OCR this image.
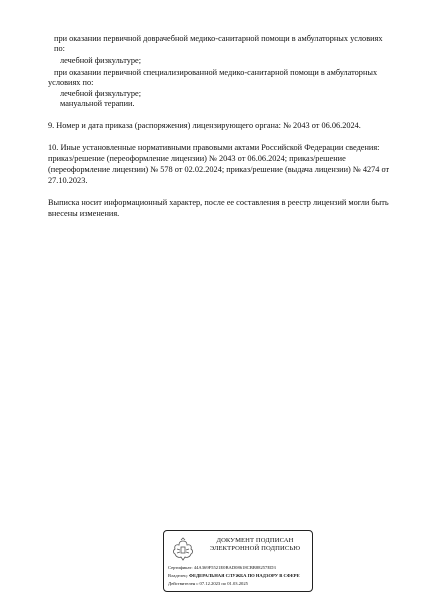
при оказании первичной доврачебной медико-санитарной помощи в амбулаторных условиях
по:
лечебной физкультуре;
при оказании первичной специализированной медико-санитарной помощи в амбулаторных
условиях по:
лечебной физкультуре;
мануальной терапии.
9. Номер и дата приказа (распоряжения) лицензирующего органа: № 2043 от 06.06.2024.
10. Иные установленные нормативными правовыми актами Российской Федерации сведения:
приказ/решение (переоформление лицензии) № 2043 от 06.06.2024; приказ/решение
(переоформление лицензии) № 578 от 02.02.2024; приказ/решение (выдача лицензии) № 4274 от
27.10.2023.
Выписка носит информационный характер, после ее составления в реестр лицензий могли быть
внесены изменения.
ДОКУМЕНТ ПОДПИСАН
ЭЛЕКТРОННОЙ ПОДПИСЬЮ
Сертификат: 44A369F5521E0BAD08618CBB88257ED3
Владелец: ФЕДЕРАЛЬНАЯ СЛУЖБА ПО НАДЗОРУ В СФЕРЕ
Действителен с 07.12.2023 по 01.03.2025
